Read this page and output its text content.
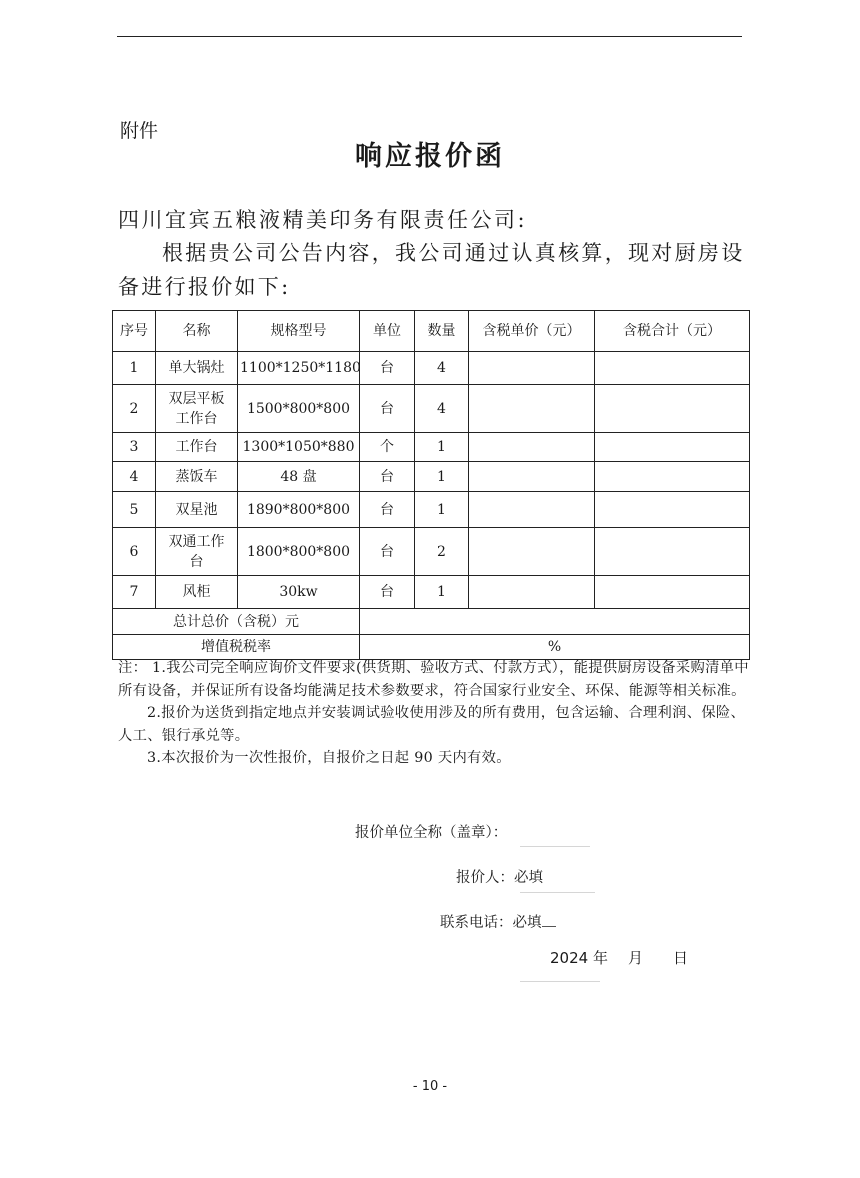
附件
响应报价函
四川宜宾五粮液精美印务有限责任公司:
根据贵公司公告内容，我公司通过认真核算，现对厨房设备进行报价如下:
序号	名称	规格型号	单位	数量	含税单价（元）	含税合计（元）
1	单大锅灶	1100*1250*1180	台	4		
2	双层平板工作台	1500*800*800	台	4		
3	工作台	1300*1050*880	个	1		
4	蒸饭车	48 盘	台	1		
5	双星池	1890*800*800	台	1		
6	双通工作台	1800*800*800	台	2		
7	风柜	30kw	台	1		
总计总价（含税）元						
增值税税率			%			

注： 1.我公司完全响应询价文件要求(供货期、验收方式、付款方式），能提供厨房设备采购清单中所有设备，并保证所有设备均能满足技术参数要求，符合国家行业安全、环保、能源等相关标准。

2.报价为送货到指定地点并安装调试验收使用涉及的所有费用，包含运输、合理利润、保险、人工、银行承兑等。

3.本次报价为一次性报价，自报价之日起 90 天内有效。

报价单位全称（盖章）：
报价人：必填
联系电话：必填
2024 年 月 日
- 10 -
